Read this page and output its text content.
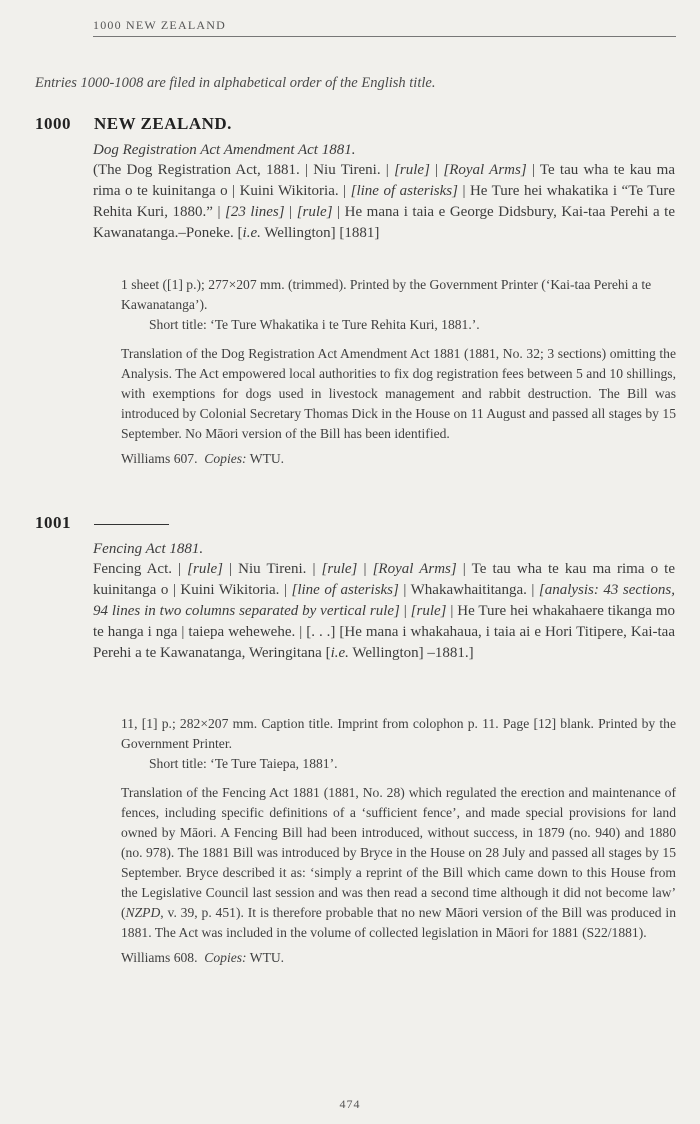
1000 NEW ZEALAND
Entries 1000-1008 are filed in alphabetical order of the English title.
1000 NEW ZEALAND.
Dog Registration Act Amendment Act 1881.
(The Dog Registration Act, 1881. | Niu Tireni. | [rule] | [Royal Arms] | Te tau wha te kau ma rima o te kuinitanga o | Kuini Wikitoria. | [line of asterisks] | He Ture hei whakatika i “Te Ture Rehita Kuri, 1880.” | [23 lines] | [rule] | He mana i taia e George Didsbury, Kai-taa Perehi a te Kawanatanga.–Poneke. [i.e. Wellington] [1881]

1 sheet ([1] p.); 277×207 mm. (trimmed). Printed by the Government Printer (‘Kai-taa Perehi a te Kawanatanga’).

Short title: ‘Te Ture Whakatika i te Ture Rehita Kuri, 1881.’.

Translation of the Dog Registration Act Amendment Act 1881 (1881, No. 32; 3 sections) omitting the Analysis. The Act empowered local authorities to fix dog registration fees between 5 and 10 shillings, with exemptions for dogs used in livestock management and rabbit destruction. The Bill was introduced by Colonial Secretary Thomas Dick in the House on 11 August and passed all stages by 15 September. No Māori version of the Bill has been identified.

Williams 607. Copies: WTU.

1001
Fencing Act 1881.
Fencing Act. | [rule] | Niu Tireni. | [rule] | [Royal Arms] | Te tau wha te kau ma rima o te kuinitanga o | Kuini Wikitoria. | [line of asterisks] | Whakawhaititanga. | [analysis: 43 sections, 94 lines in two columns separated by vertical rule] | [rule] | He Ture hei whakahaere tikanga mo te hanga i nga | taiepa wehewehe. | [. . .] [He mana i whakahaua, i taia ai e Hori Titipere, Kai-taa Perehi a te Kawanatanga, Weringitana [i.e. Wellington] –1881.]

11, [1] p.; 282×207 mm. Caption title. Imprint from colophon p. 11. Page [12] blank. Printed by the Government Printer.

Short title: ‘Te Ture Taiepa, 1881’.

Translation of the Fencing Act 1881 (1881, No. 28) which regulated the erection and maintenance of fences, including specific definitions of a ‘sufficient fence’, and made special provisions for land owned by Māori. A Fencing Bill had been introduced, without success, in 1879 (no. 940) and 1880 (no. 978). The 1881 Bill was introduced by Bryce in the House on 28 July and passed all stages by 15 September. Bryce described it as: ‘simply a reprint of the Bill which came down to this House from the Legislative Council last session and was then read a second time although it did not become law’ (NZPD, v. 39, p. 451). It is therefore probable that no new Māori version of the Bill was produced in 1881. The Act was included in the volume of collected legislation in Māori for 1881 (S22/1881).

Williams 608. Copies: WTU.

474
